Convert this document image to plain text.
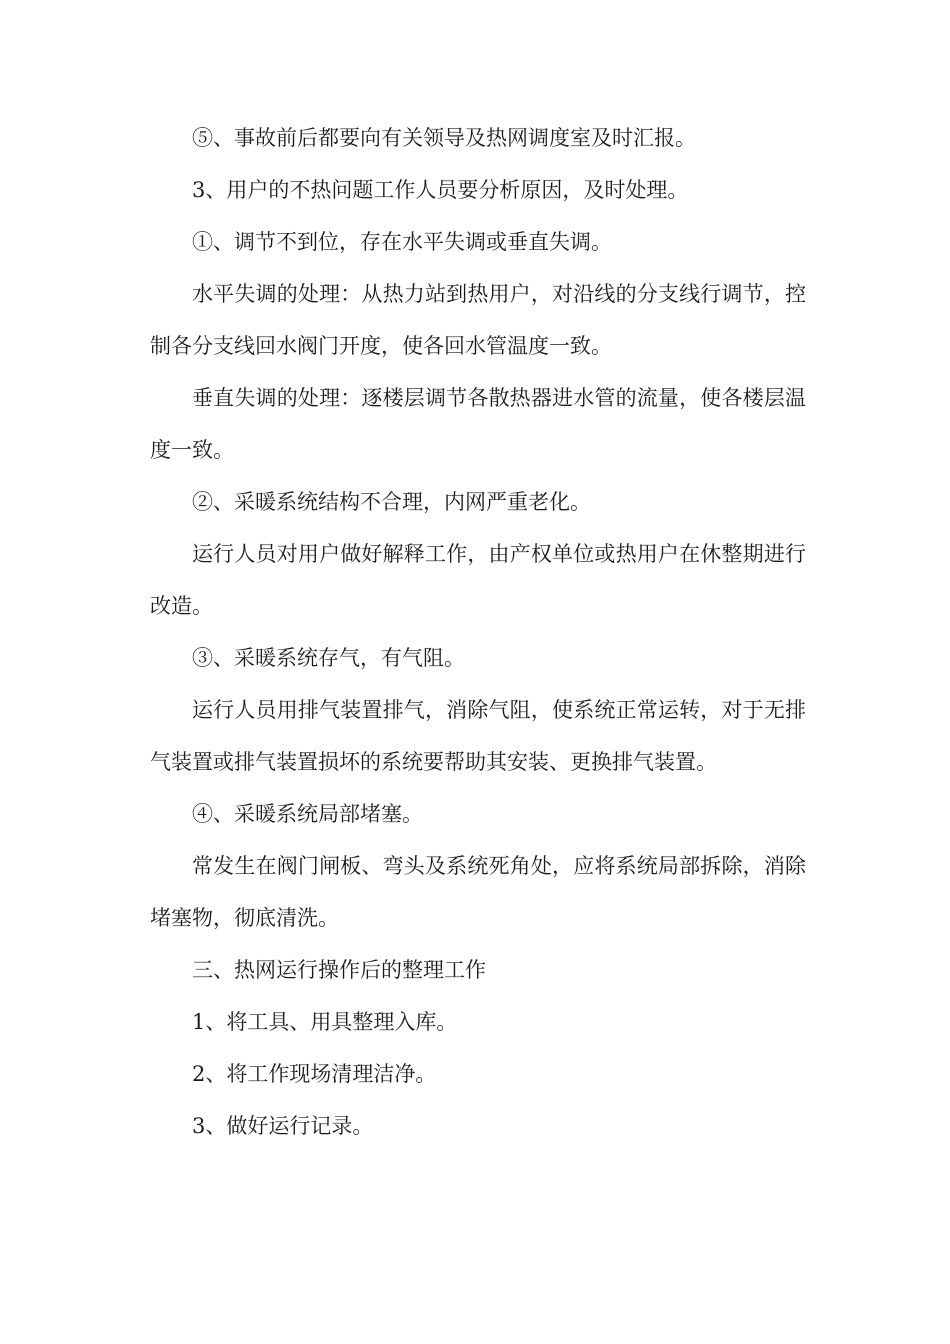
⑤、事故前后都要向有关领导及热网调度室及时汇报。

3、用户的不热问题工作人员要分析原因，及时处理。

①、调节不到位，存在水平失调或垂直失调。

水平失调的处理：从热力站到热用户，对沿线的分支线行调节，控制各分支线回水阀门开度，使各回水管温度一致。

垂直失调的处理：逐楼层调节各散热器进水管的流量，使各楼层温度一致。

②、采暖系统结构不合理，内网严重老化。

运行人员对用户做好解释工作，由产权单位或热用户在休整期进行改造。

③、采暖系统存气，有气阻。

运行人员用排气装置排气，消除气阻，使系统正常运转，对于无排气装置或排气装置损坏的系统要帮助其安装、更换排气装置。

④、采暖系统局部堵塞。

常发生在阀门闸板、弯头及系统死角处，应将系统局部拆除，消除堵塞物，彻底清洗。

三、热网运行操作后的整理工作

1、将工具、用具整理入库。

2、将工作现场清理洁净。

3、做好运行记录。
